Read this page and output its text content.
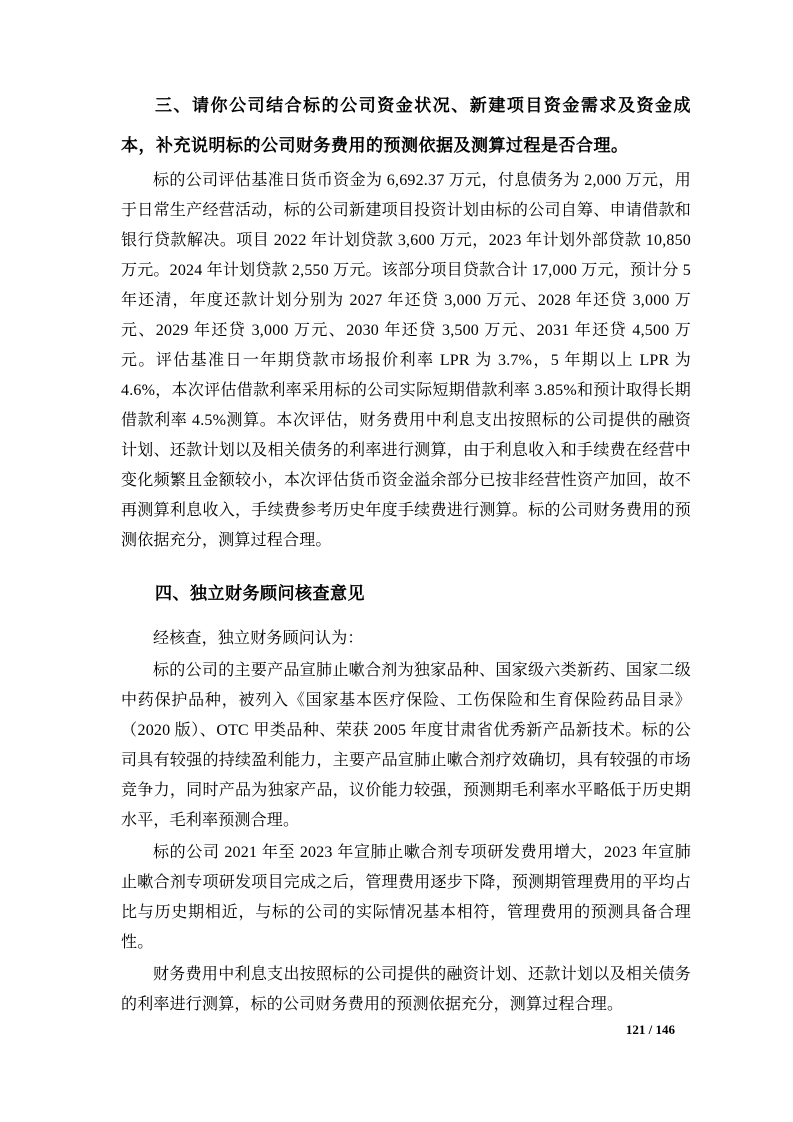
三、请你公司结合标的公司资金状况、新建项目资金需求及资金成本，补充说明标的公司财务费用的预测依据及测算过程是否合理。

标的公司评估基准日货币资金为 6,692.37 万元，付息债务为 2,000 万元，用于日常生产经营活动，标的公司新建项目投资计划由标的公司自筹、申请借款和银行贷款解决。项目 2022 年计划贷款 3,600 万元，2023 年计划外部贷款 10,850 万元。2024 年计划贷款 2,550 万元。该部分项目贷款合计 17,000 万元，预计分 5 年还清，年度还款计划分别为 2027 年还贷 3,000 万元、2028 年还贷 3,000 万元、2029 年还贷 3,000 万元、2030 年还贷 3,500 万元、2031 年还贷 4,500 万元。评估基准日一年期贷款市场报价利率 LPR 为 3.7%，5 年期以上 LPR 为 4.6%，本次评估借款利率采用标的公司实际短期借款利率 3.85%和预计取得长期借款利率 4.5%测算。本次评估，财务费用中利息支出按照标的公司提供的融资计划、还款计划以及相关债务的利率进行测算，由于利息收入和手续费在经营中变化频繁且金额较小，本次评估货币资金溢余部分已按非经营性资产加回，故不再测算利息收入，手续费参考历史年度手续费进行测算。标的公司财务费用的预测依据充分，测算过程合理。

四、独立财务顾问核查意见

经核查，独立财务顾问认为：

标的公司的主要产品宣肺止嗽合剂为独家品种、国家级六类新药、国家二级中药保护品种，被列入《国家基本医疗保险、工伤保险和生育保险药品目录》（2020 版）、OTC 甲类品种、荣获 2005 年度甘肃省优秀新产品新技术。标的公司具有较强的持续盈利能力，主要产品宣肺止嗽合剂疗效确切，具有较强的市场竞争力，同时产品为独家产品，议价能力较强，预测期毛利率水平略低于历史期水平，毛利率预测合理。

标的公司 2021 年至 2023 年宣肺止嗽合剂专项研发费用增大，2023 年宣肺止嗽合剂专项研发项目完成之后，管理费用逐步下降，预测期管理费用的平均占比与历史期相近，与标的公司的实际情况基本相符，管理费用的预测具备合理性。

财务费用中利息支出按照标的公司提供的融资计划、还款计划以及相关债务的利率进行测算，标的公司财务费用的预测依据充分，测算过程合理。

121 / 146
